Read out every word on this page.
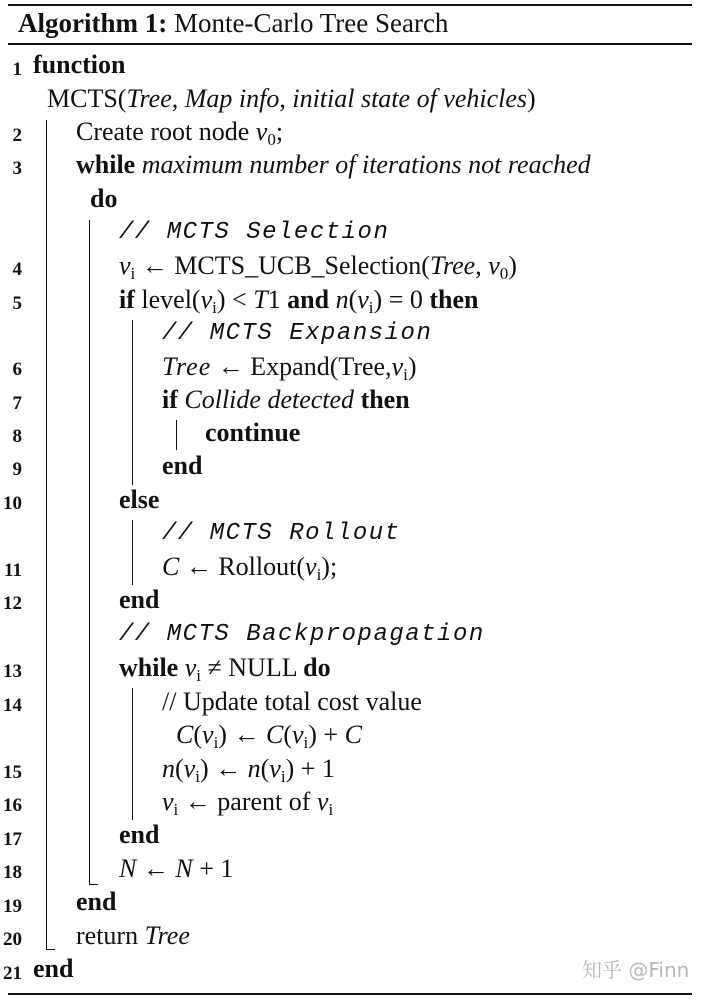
Algorithm 1: Monte-Carlo Tree Search
1
2
3
4
5
6
7
8
9
10
11
12
13
14
15
16
17
18
19
20
21
function
MCTS(Tree, Map info, initial state of vehicles)
Create root node $v_0$;
while maximum number of iterations not reached
do
// MCTS Selection
$v_i$ ← MCTS_UCB_Selection(Tree, $v_0$)
if $level(v_i) < T1$ and $n(v_i) = 0$ then
// MCTS Expansion
Tree ← $Expand(Tree,v_i)$
if Collide detected then
continue
end
else
// MCTS Rollout
C ← $Rollout(v_i)$;
end
// MCTS Backpropagation
while $v_i$ ≠ NULL do
// Update total cost value
$C(v_i)$ ← $C(v_i) + C$
$n(v_i)$ ← $n(v_i) + 1$
$v_i$ ← parent of $v_i$
end
N ← N + 1
end
return Tree
end	知乎 @Finn
